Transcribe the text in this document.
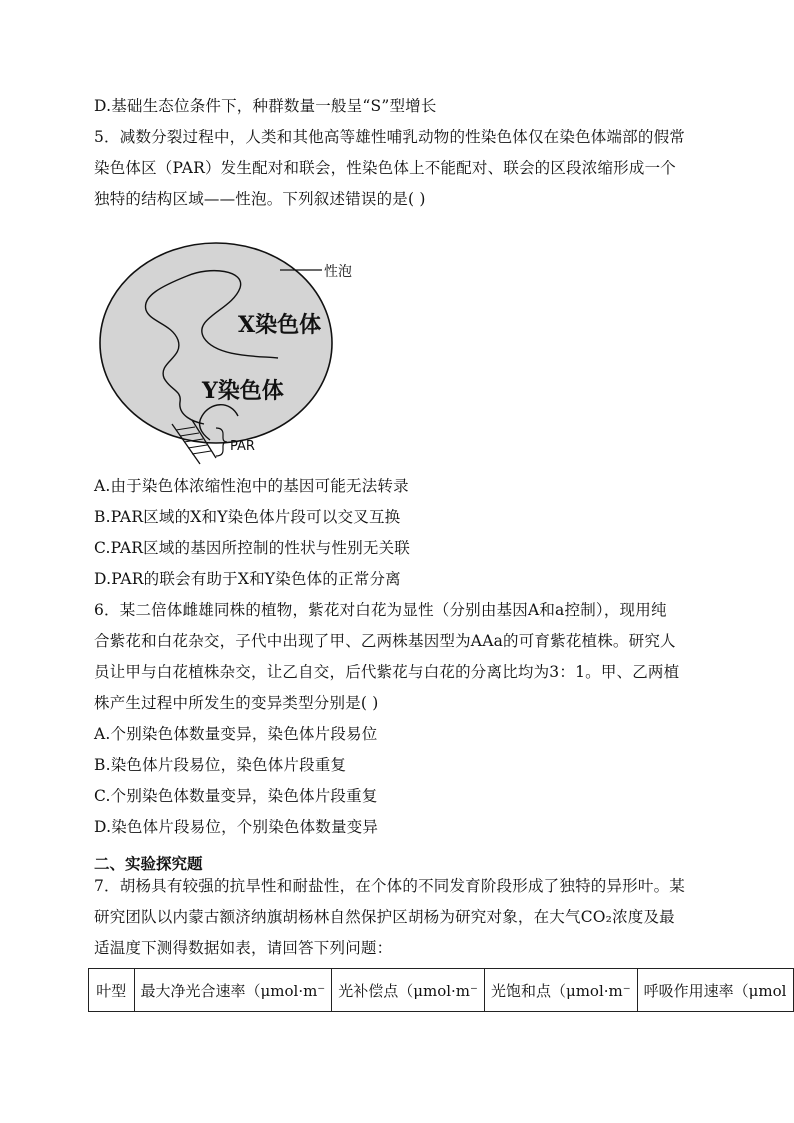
D.基础生态位条件下，种群数量一般呈“S”型增长
5．减数分裂过程中，人类和其他高等雄性哺乳动物的性染色体仅在染色体端部的假常
染色体区（PAR）发生配对和联会，性染色体上不能配对、联会的区段浓缩形成一个
独特的结构区域——性泡。下列叙述错误的是( )
性泡
X染色体
Y染色体
PAR
A.由于染色体浓缩性泡中的基因可能无法转录
B.PAR区域的X和Y染色体片段可以交叉互换
C.PAR区域的基因所控制的性状与性别无关联
D.PAR的联会有助于X和Y染色体的正常分离
6．某二倍体雌雄同株的植物，紫花对白花为显性（分别由基因A和a控制），现用纯
合紫花和白花杂交，子代中出现了甲、乙两株基因型为AAa的可育紫花植株。研究人
员让甲与白花植株杂交，让乙自交，后代紫花与白花的分离比均为3：1。甲、乙两植
株产生过程中所发生的变异类型分别是( )
A.个别染色体数量变异，染色体片段易位
B.染色体片段易位，染色体片段重复
C.个别染色体数量变异，染色体片段重复
D.染色体片段易位，个别染色体数量变异
二、实验探究题
7．胡杨具有较强的抗旱性和耐盐性，在个体的不同发育阶段形成了独特的异形叶。某
研究团队以内蒙古额济纳旗胡杨林自然保护区胡杨为研究对象，在大气CO₂浓度及最
适温度下测得数据如表，请回答下列问题：
叶型	最大净光合速率（μmol·m⁻	光补偿点（μmol·m⁻	光饱和点（μmol·m⁻	呼吸作用速率（μmol
